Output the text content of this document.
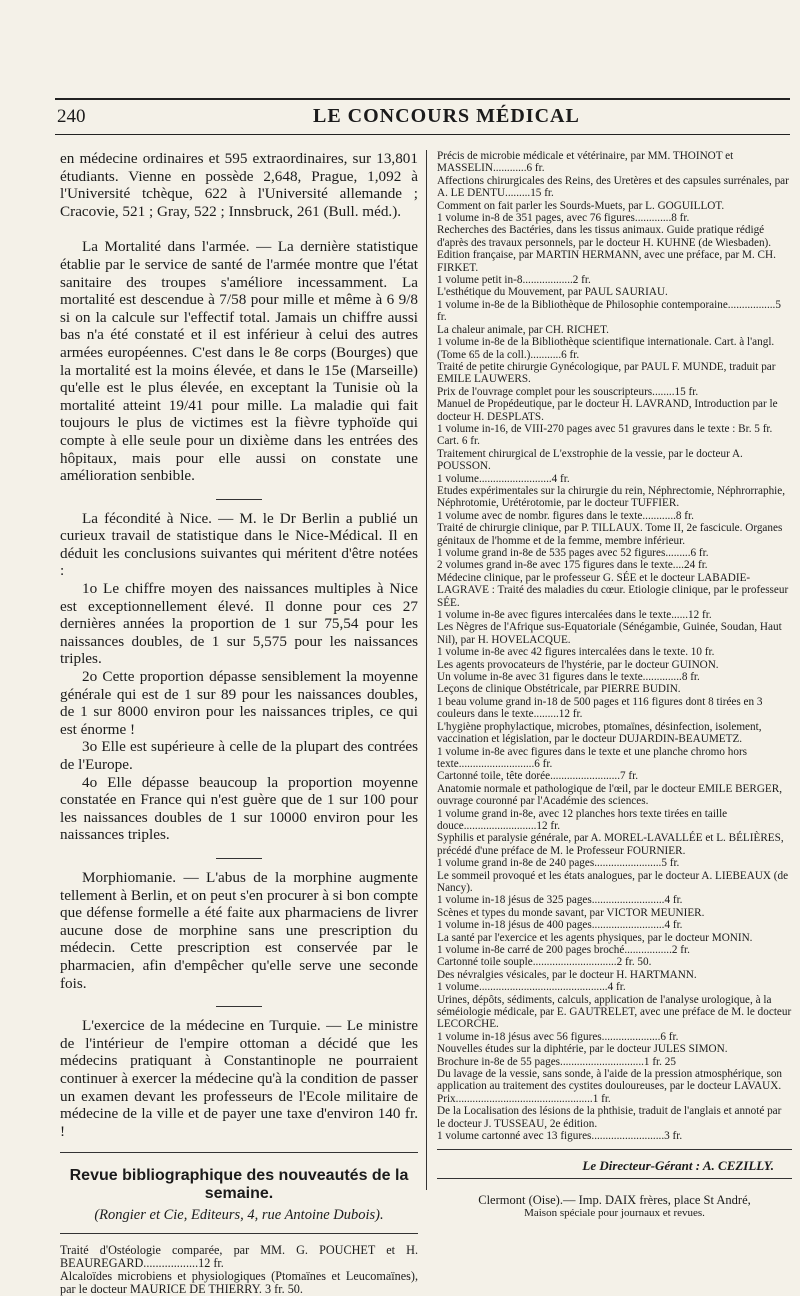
240	LE CONCOURS MÉDICAL

en médecine ordinaires et 595 extraordinaires, sur 13,801 étudiants. Vienne en possède 2,648, Prague, 1,092 à l'Université tchèque, 622 à l'Université allemande ; Cracovie, 521 ; Gray, 522 ; Innsbruck, 261 (Bull. méd.).

La Mortalité dans l'armée. — La dernière statistique établie par le service de santé de l'armée montre que l'état sanitaire des troupes s'améliore incessamment. La mortalité est descendue à 7/58 pour mille et même à 6 9/8 si on la calcule sur l'effectif total. Jamais un chiffre aussi bas n'a été constaté et il est inférieur à celui des autres armées européennes. C'est dans le 8e corps (Bourges) que la mortalité est la moins élevée, et dans le 15e (Marseille) qu'elle est le plus élevée, en exceptant la Tunisie où la mortalité atteint 19/41 pour mille. La maladie qui fait toujours le plus de victimes est la fièvre typhoïde qui compte à elle seule pour un dixième dans les entrées des hôpitaux, mais pour elle aussi on constate une amélioration senbible.

La fécondité à Nice. — M. le Dr Berlin a publié un curieux travail de statistique dans le Nice-Médical. Il en déduit les conclusions suivantes qui méritent d'être notées :

1o Le chiffre moyen des naissances multiples à Nice est exceptionnellement élevé. Il donne pour ces 27 dernières années la proportion de 1 sur 75,54 pour les naissances doubles, de 1 sur 5,575 pour les naissances triples.

2o Cette proportion dépasse sensiblement la moyenne générale qui est de 1 sur 89 pour les naissances doubles, de 1 sur 8000 environ pour les naissances triples, ce qui est énorme !

3o Elle est supérieure à celle de la plupart des contrées de l'Europe.

4o Elle dépasse beaucoup la proportion moyenne constatée en France qui n'est guère que de 1 sur 100 pour les naissances doubles de 1 sur 10000 environ pour les naissances triples.

Morphiomanie. — L'abus de la morphine augmente tellement à Berlin, et on peut s'en procurer à si bon compte que défense formelle a été faite aux pharmaciens de livrer aucune dose de morphine sans une prescription du médecin. Cette prescription est conservée par le pharmacien, afin d'empêcher qu'elle serve une seconde fois.

L'exercice de la médecine en Turquie. — Le ministre de l'intérieur de l'empire ottoman a décidé que les médecins pratiquant à Constantinople ne pourraient continuer à exercer la médecine qu'à la condition de passer un examen devant les professeurs de l'Ecole militaire de médecine de la ville et de payer une taxe d'environ 140 fr. !

Revue bibliographique des nouveautés de la semaine.
(Rongier et Cie, Editeurs, 4, rue Antoine Dubois).

Traité d'Ostéologie comparée, par MM. G. POUCHET et H. BEAUREGARD..................12 fr.

Alcaloïdes microbiens et physiologiques (Ptomaïnes et Leucomaïnes), par le docteur MAURICE DE THIERRY. 3 fr. 50.

Précis de microbie médicale et vétérinaire, par MM. THOINOT et MASSELIN............6 fr.

Affections chirurgicales des Reins, des Uretères et des capsules surrénales, par A. LE DENTU.........15 fr.

Comment on fait parler les Sourds-Muets, par L. GOGUILLOT.

1 volume in-8 de 351 pages, avec 76 figures.............8 fr.

Recherches des Bactéries, dans les tissus animaux. Guide pratique rédigé d'après des travaux personnels, par le docteur H. KUHNE (de Wiesbaden). Edition française, par MARTIN HERMANN, avec une préface, par M. CH. FIRKET.

1 volume petit in-8..................2 fr.

L'esthétique du Mouvement, par PAUL SAURIAU.

1 volume in-8e de la Bibliothèque de Philosophie contemporaine.................5 fr.

La chaleur animale, par CH. RICHET.

1 volume in-8e de la Bibliothèque scientifique internationale. Cart. à l'angl. (Tome 65 de la coll.)...........6 fr.

Traité de petite chirurgie Gynécologique, par PAUL F. MUNDE, traduit par EMILE LAUWERS.

Prix de l'ouvrage complet pour les souscripteurs........15 fr.

Manuel de Propédeutique, par le docteur H. LAVRAND, Introduction par le docteur H. DESPLATS.

1 volume in-16, de VIII-270 pages avec 51 gravures dans le texte : Br. 5 fr. Cart. 6 fr.

Traitement chirurgical de L'exstrophie de la vessie, par le docteur A. POUSSON.

1 volume..........................4 fr.

Etudes expérimentales sur la chirurgie du rein, Néphrectomie, Néphrorraphie, Néphrotomie, Urétérotomie, par le docteur TUFFIER.

1 volume avec de nombr. figures dans le texte............8 fr.

Traité de chirurgie clinique, par P. TILLAUX. Tome II, 2e fascicule. Organes génitaux de l'homme et de la femme, membre inférieur.

1 volume grand in-8e de 535 pages avec 52 figures.........6 fr.

2 volumes grand in-8e avec 175 figures dans le texte....24 fr.

Médecine clinique, par le professeur G. SÉE et le docteur LABADIE-LAGRAVE : Traité des maladies du cœur. Etiologie clinique, par le professeur SÉE.

1 volume in-8e avec figures intercalées dans le texte......12 fr.

Les Nègres de l'Afrique sus-Equatoriale (Sénégambie, Guinée, Soudan, Haut Nil), par H. HOVELACQUE.

1 volume in-8e avec 42 figures intercalées dans le texte. 10 fr.

Les agents provocateurs de l'hystérie, par le docteur GUINON.

Un volume in-8e avec 31 figures dans le texte..............8 fr.

Leçons de clinique Obstétricale, par PIERRE BUDIN.

1 beau volume grand in-18 de 500 pages et 116 figures dont 8 tirées en 3 couleurs dans le texte.........12 fr.

L'hygiène prophylactique, microbes, ptomaïnes, désinfection, isolement, vaccination et législation, par le docteur DUJARDIN-BEAUMETZ.

1 volume in-8e avec figures dans le texte et une planche chromo hors texte...........................6 fr.

Cartonné toile, tête dorée.........................7 fr.

Anatomie normale et pathologique de l'œil, par le docteur EMILE BERGER, ouvrage couronné par l'Académie des sciences.

1 volume grand in-8e, avec 12 planches hors texte tirées en taille douce..........................12 fr.

Syphilis et paralysie générale, par A. MOREL-LAVALLÉE et L. BÉLIÈRES, précédé d'une préface de M. le Professeur FOURNIER.

1 volume grand in-8e de 240 pages........................5 fr.

Le sommeil provoqué et les états analogues, par le docteur A. LIEBEAUX (de Nancy).

1 volume in-18 jésus de 325 pages..........................4 fr.

Scènes et types du monde savant, par VICTOR MEUNIER.

1 volume in-18 jésus de 400 pages..........................4 fr.

La santé par l'exercice et les agents physiques, par le docteur MONIN.

1 volume in-8e carré de 200 pages broché.................2 fr.

Cartonné toile souple..............................2 fr. 50.

Des névralgies vésicales, par le docteur H. HARTMANN.

1 volume..............................................4 fr.

Urines, dépôts, sédiments, calculs, application de l'analyse urologique, à la séméiologie médicale, par E. GAUTRELET, avec une préface de M. le docteur LECORCHE.

1 volume in-18 jésus avec 56 figures.....................6 fr.

Nouvelles études sur la diphtérie, par le docteur JULES SIMON.

Brochure in-8e de 55 pages..............................1 fr. 25

Du lavage de la vessie, sans sonde, à l'aide de la pression atmosphérique, son application au traitement des cystites douloureuses, par le docteur LAVAUX.

Prix.................................................1 fr.

De la Localisation des lésions de la phthisie, traduit de l'anglais et annoté par le docteur J. TUSSEAU, 2e édition.

1 volume cartonné avec 13 figures..........................3 fr.

Le Directeur-Gérant : A. CEZILLY.
Clermont (Oise).— Imp. DAIX frères, place St André,
Maison spéciale pour journaux et revues.
